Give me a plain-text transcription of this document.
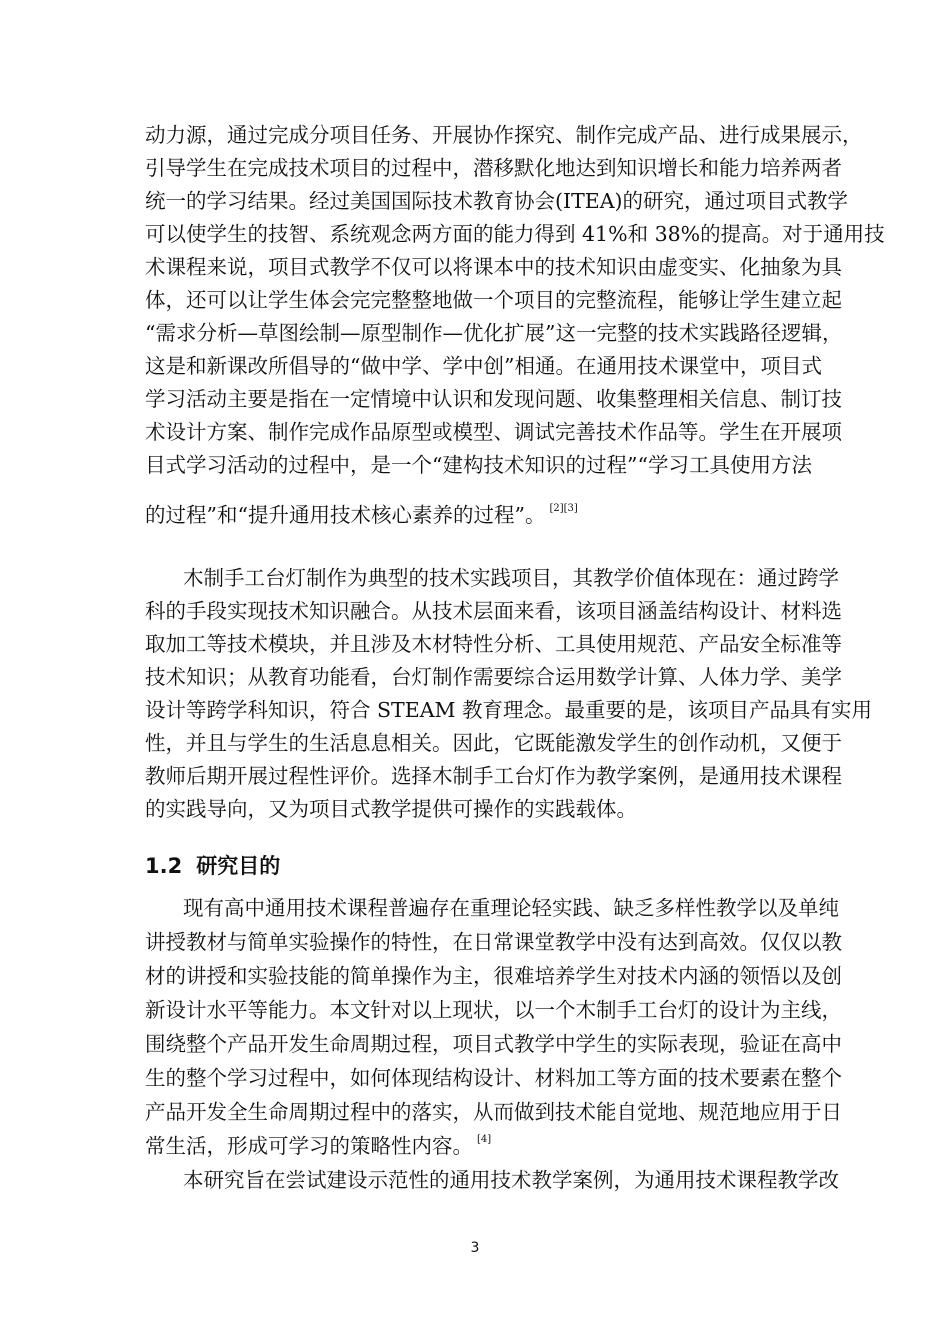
动力源，通过完成分项目任务、开展协作探究、制作完成产品、进行成果展示，
引导学生在完成技术项目的过程中，潜移默化地达到知识增长和能力培养两者
统一的学习结果。经过美国国际技术教育协会(ITEA)的研究，通过项目式教学
可以使学生的技智、系统观念两方面的能力得到 41%和 38%的提高。对于通用技
术课程来说，项目式教学不仅可以将课本中的技术知识由虚变实、化抽象为具
体，还可以让学生体会完完整整地做一个项目的完整流程，能够让学生建立起
“需求分析—草图绘制—原型制作—优化扩展”这一完整的技术实践路径逻辑，
这是和新课改所倡导的“做中学、学中创”相通。在通用技术课堂中，项目式
学习活动主要是指在一定情境中认识和发现问题、收集整理相关信息、制订技
术设计方案、制作完成作品原型或模型、调试完善技术作品等。学生在开展项
目式学习活动的过程中，是一个“建构技术知识的过程”“学习工具使用方法
的过程”和“提升通用技术核心素养的过程”。 [2][3]
木制手工台灯制作为典型的技术实践项目，其教学价值体现在：通过跨学
科的手段实现技术知识融合。从技术层面来看，该项目涵盖结构设计、材料选
取加工等技术模块，并且涉及木材特性分析、工具使用规范、产品安全标准等
技术知识；从教育功能看，台灯制作需要综合运用数学计算、人体力学、美学
设计等跨学科知识，符合 STEAM 教育理念。最重要的是，该项目产品具有实用
性，并且与学生的生活息息相关。因此，它既能激发学生的创作动机，又便于
教师后期开展过程性评价。选择木制手工台灯作为教学案例，是通用技术课程
的实践导向，又为项目式教学提供可操作的实践载体。
1.2 研究目的
现有高中通用技术课程普遍存在重理论轻实践、缺乏多样性教学以及单纯
讲授教材与简单实验操作的特性，在日常课堂教学中没有达到高效。仅仅以教
材的讲授和实验技能的简单操作为主，很难培养学生对技术内涵的领悟以及创
新设计水平等能力。本文针对以上现状，以一个木制手工台灯的设计为主线，
围绕整个产品开发生命周期过程，项目式教学中学生的实际表现，验证在高中
生的整个学习过程中，如何体现结构设计、材料加工等方面的技术要素在整个
产品开发全生命周期过程中的落实，从而做到技术能自觉地、规范地应用于日
常生活，形成可学习的策略性内容。 [4]
本研究旨在尝试建设示范性的通用技术教学案例，为通用技术课程教学改
3
